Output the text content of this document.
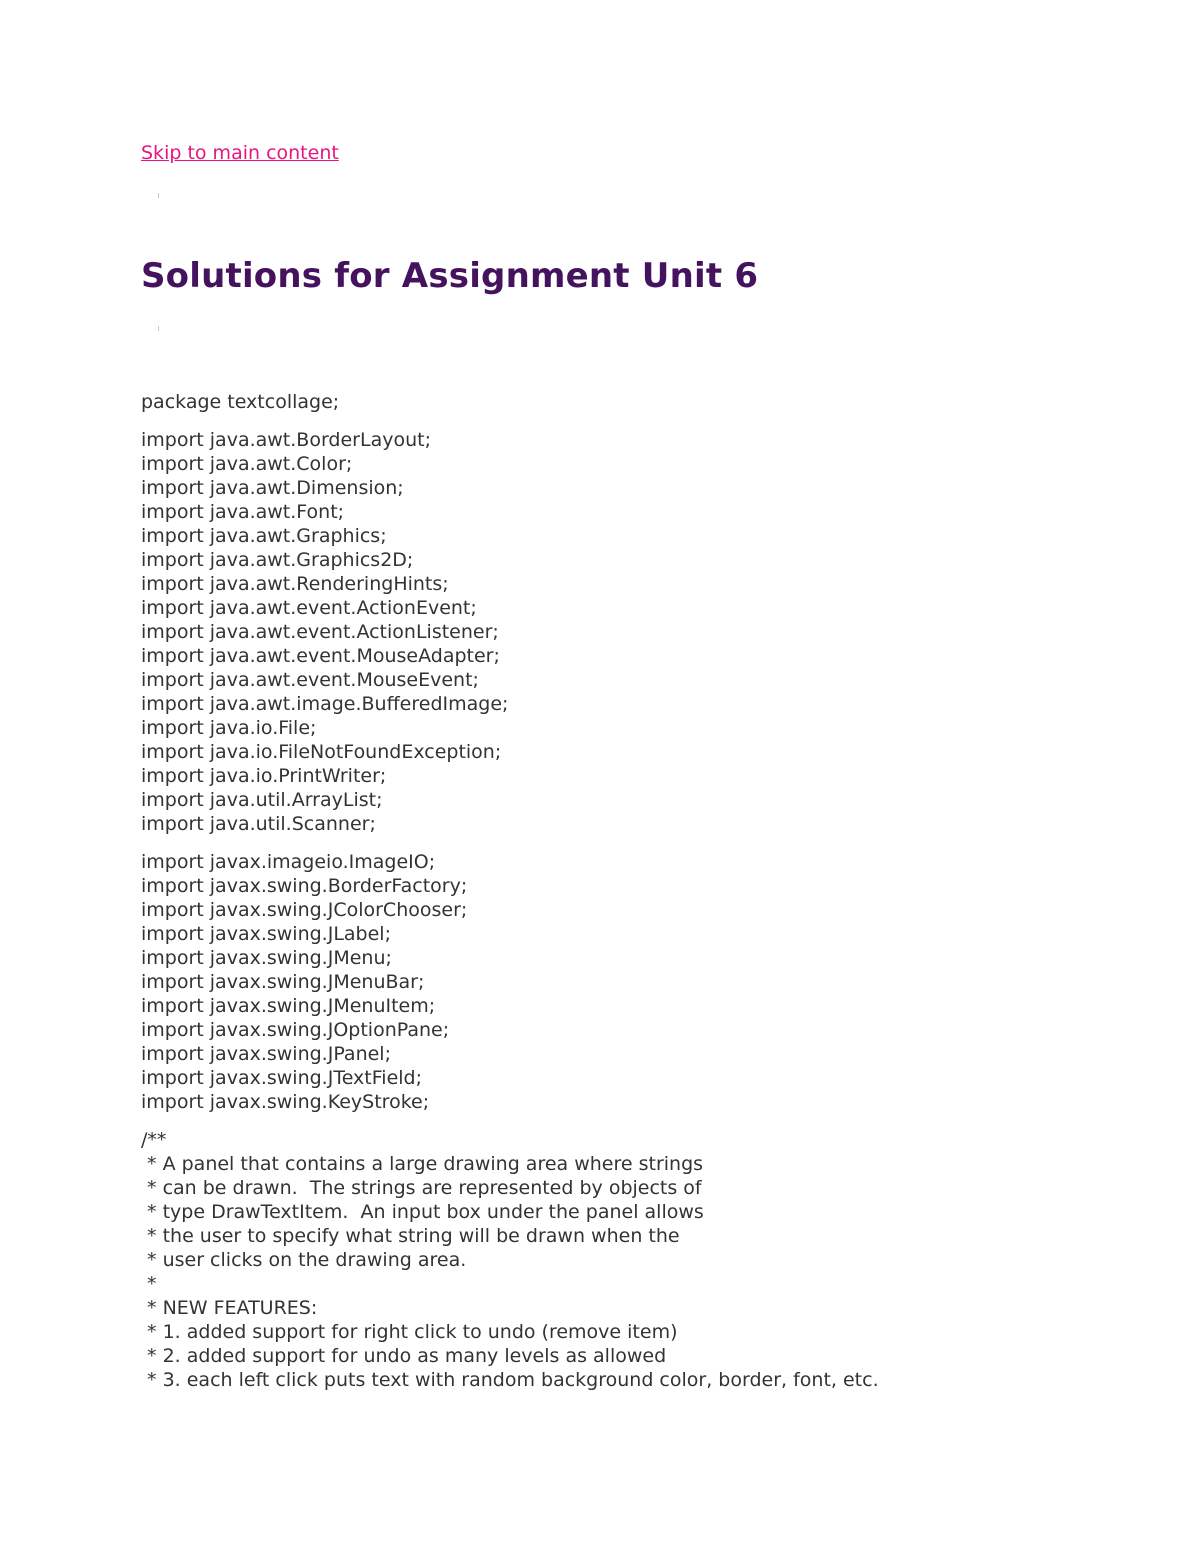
Skip to main content
Solutions for Assignment Unit 6
package textcollage;
import java.awt.BorderLayout;
import java.awt.Color;
import java.awt.Dimension;
import java.awt.Font;
import java.awt.Graphics;
import java.awt.Graphics2D;
import java.awt.RenderingHints;
import java.awt.event.ActionEvent;
import java.awt.event.ActionListener;
import java.awt.event.MouseAdapter;
import java.awt.event.MouseEvent;
import java.awt.image.BufferedImage;
import java.io.File;
import java.io.FileNotFoundException;
import java.io.PrintWriter;
import java.util.ArrayList;
import java.util.Scanner;
import javax.imageio.ImageIO;
import javax.swing.BorderFactory;
import javax.swing.JColorChooser;
import javax.swing.JLabel;
import javax.swing.JMenu;
import javax.swing.JMenuBar;
import javax.swing.JMenuItem;
import javax.swing.JOptionPane;
import javax.swing.JPanel;
import javax.swing.JTextField;
import javax.swing.KeyStroke;
/**
* A panel that contains a large drawing area where strings
* can be drawn.  The strings are represented by objects of
* type DrawTextItem.  An input box under the panel allows
* the user to specify what string will be drawn when the
* user clicks on the drawing area.
*
* NEW FEATURES:
* 1. added support for right click to undo (remove item)
* 2. added support for undo as many levels as allowed
* 3. each left click puts text with random background color, border, font, etc.
